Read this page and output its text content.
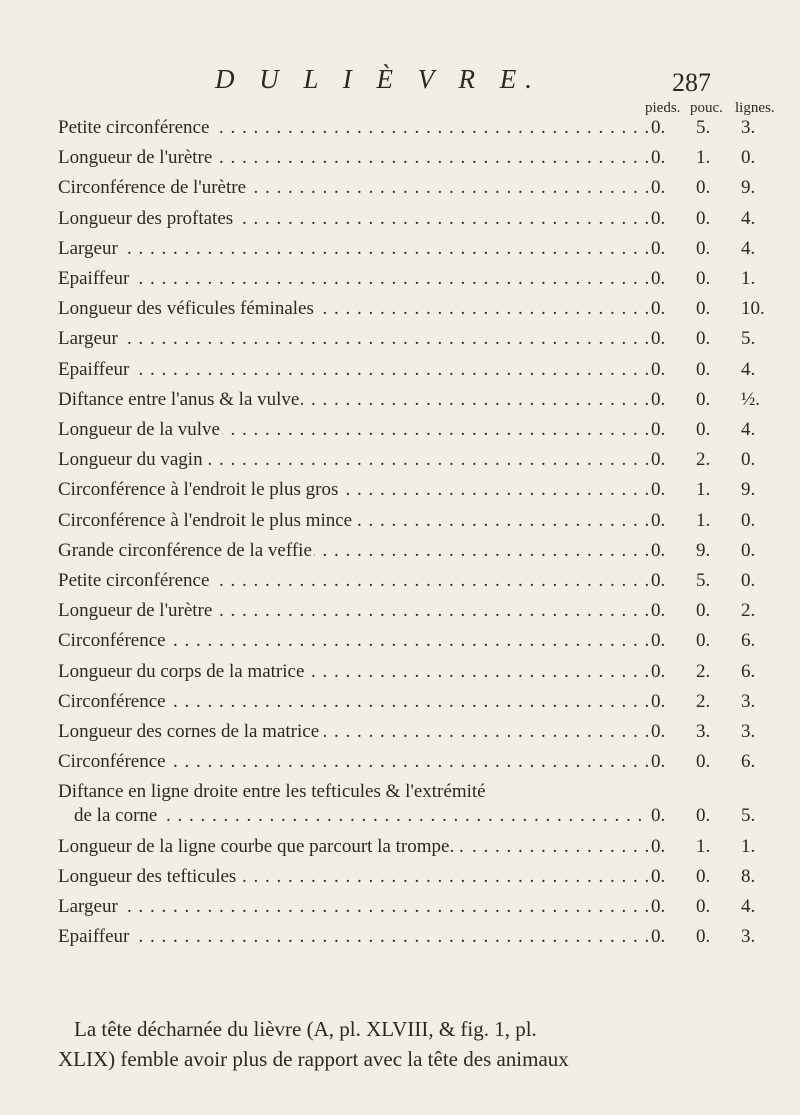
D U L I È V R E.	287
pieds. pouc. lignes.
Petite circonférence . . .	0. 5. 3.
Longueur de l'urètre . . .	0. 1. 0.
Circonférence de l'urètre . . .	0. 0. 9.
Longueur des proftates . . .	0. 0. 4.
Largeur . . .	0. 0. 4.
Epaiffeur . . .	0. 0. 1.
Longueur des véficules féminales . . .	0. 0. 10.
Largeur . . .	0. 0. 5.
Epaiffeur . . .	0. 0. 4.
Diftance entre l'anus & la vulve . . .	0. 0. ½.
Longueur de la vulve . . .	0. 0. 4.
Longueur du vagin . . .	0. 2. 0.
Circonférence à l'endroit le plus gros . . .	0. 1. 9.
Circonférence à l'endroit le plus mince . . .	0. 1. 0.
Grande circonférence de la veffie . . .	0. 9. 0.
Petite circonférence . . .	0. 5. 0.
Longueur de l'urètre . . .	0. 0. 2.
Circonférence . . .	0. 0. 6.
Longueur du corps de la matrice . . .	0. 2. 6.
Circonférence . . .	0. 2. 3.
Longueur des cornes de la matrice . . .	0. 3. 3.
Circonférence . . .	0. 0. 6.
Diftance en ligne droite entre les tefticules & l'extrémité
de la corne . . .	0. 0. 5.
Longueur de la ligne courbe que parcourt la trompe. . . . .	0. 1. 1.
Longueur des tefticules . . .	0. 0. 8.
Largeur . . .	0. 0. 4.
Epaiffeur . . .	0. 0. 3.

La tête décharnée du lièvre (A, pl. XLVIII, & fig. 1, pl.

XLIX) femble avoir plus de rapport avec la tête des animaux
